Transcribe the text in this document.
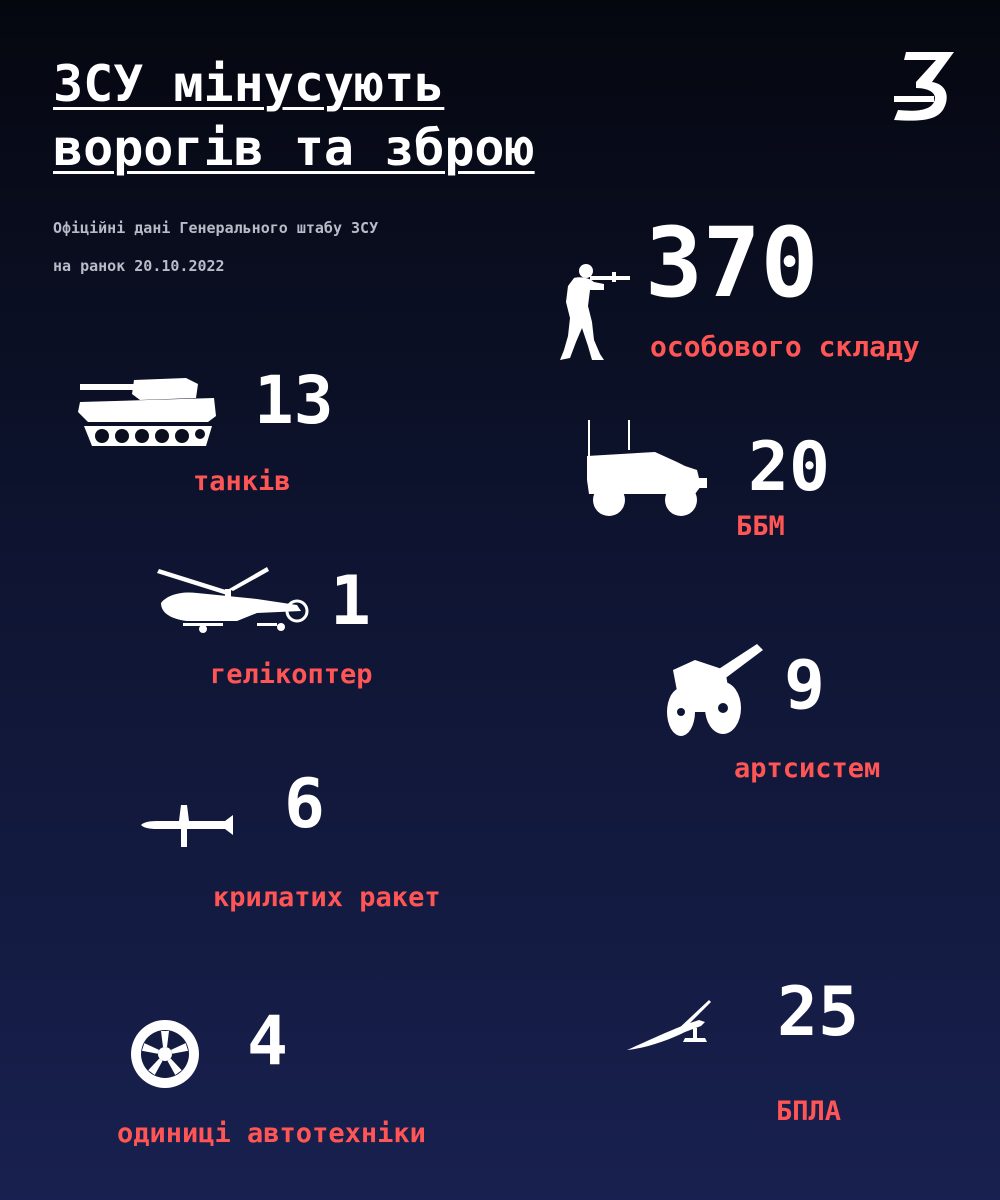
ЗСУ мінусують
ворогів та зброю
Офіційні дані Генерального штабу ЗСУ
на ранок 20.10.2022	370
особового складу
13
танків	20
ББМ
1
гелікоптер	9
артсистем
6
крилатих ракет
25
БПЛА
4
одиниці автотехніки
